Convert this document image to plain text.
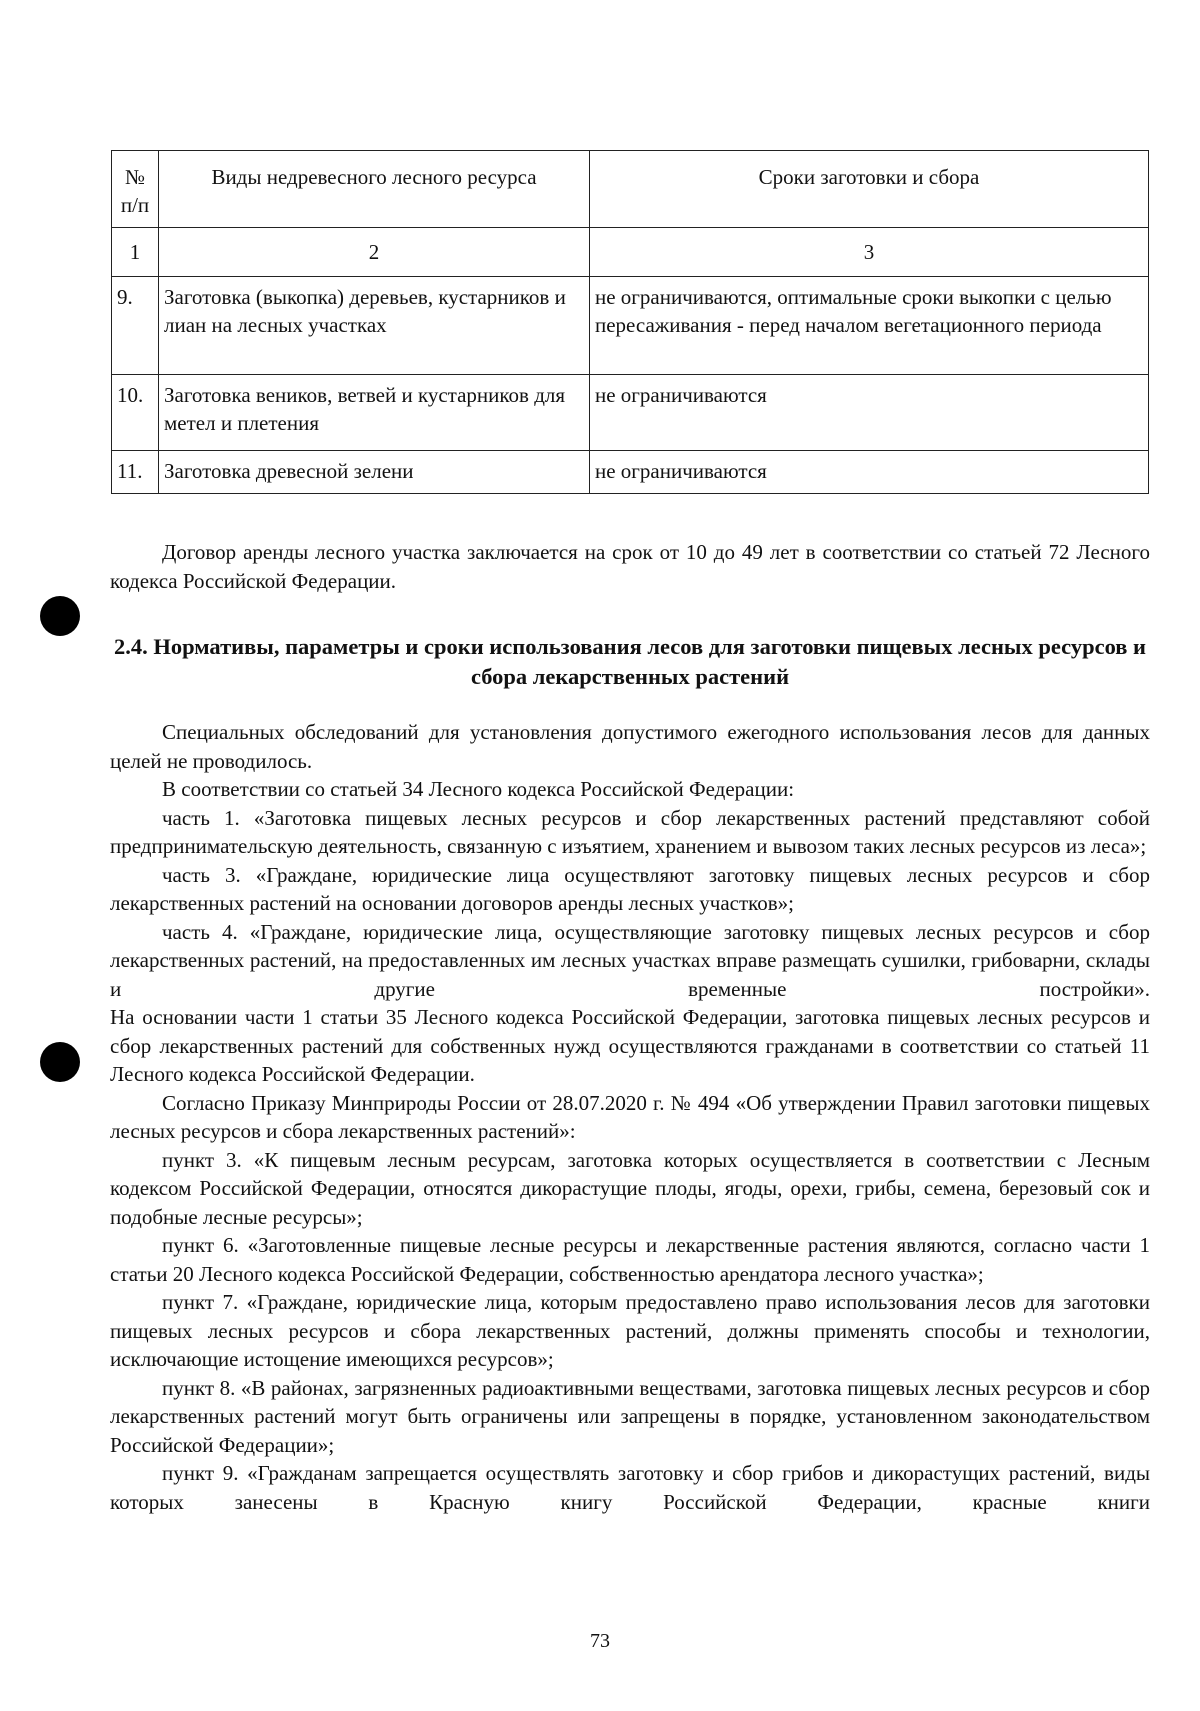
№ п/п	Виды недревесного лесного ресурса	Сроки заготовки и сбора
1	2	3
9.	Заготовка (выкопка) деревьев, кустарников и лиан на лесных участках	не ограничиваются, оптимальные сроки выкопки с целью пересаживания - перед началом вегетационного периода
10.	Заготовка веников, ветвей и кустарников для метел и плетения	не ограничиваются
11.	Заготовка древесной зелени	не ограничиваются

Договор аренды лесного участка заключается на срок от 10 до 49 лет в соответствии со статьей 72 Лесного кодекса Российской Федерации.

2.4. Нормативы, параметры и сроки использования лесов для заготовки пищевых лесных ресурсов и сбора лекарственных растений

Специальных обследований для установления допустимого ежегодного использования лесов для данных целей не проводилось.

В соответствии со статьей 34 Лесного кодекса Российской Федерации:

часть 1. «Заготовка пищевых лесных ресурсов и сбор лекарственных растений представляют собой предпринимательскую деятельность, связанную с изъятием, хранением и вывозом таких лесных ресурсов из леса»;

часть 3. «Граждане, юридические лица осуществляют заготовку пищевых лесных ресурсов и сбор лекарственных растений на основании договоров аренды лесных участков»;

часть 4. «Граждане, юридические лица, осуществляющие заготовку пищевых лесных ресурсов и сбор лекарственных растений, на предоставленных им лесных участках вправе размещать сушилки, грибоварни, склады и другие временные постройки».

На основании части 1 статьи 35 Лесного кодекса Российской Федерации, заготовка пищевых лесных ресурсов и сбор лекарственных растений для собственных нужд осуществляются гражданами в соответствии со статьей 11 Лесного кодекса Российской Федерации.

Согласно Приказу Минприроды России от 28.07.2020 г. № 494 «Об утверждении Правил заготовки пищевых лесных ресурсов и сбора лекарственных растений»:

пункт 3. «К пищевым лесным ресурсам, заготовка которых осуществляется в соответствии с Лесным кодексом Российской Федерации, относятся дикорастущие плоды, ягоды, орехи, грибы, семена, березовый сок и подобные лесные ресурсы»;

пункт 6. «Заготовленные пищевые лесные ресурсы и лекарственные растения являются, согласно части 1 статьи 20 Лесного кодекса Российской Федерации, собственностью арендатора лесного участка»;

пункт 7. «Граждане, юридические лица, которым предоставлено право использования лесов для заготовки пищевых лесных ресурсов и сбора лекарственных растений, должны применять способы и технологии, исключающие истощение имеющихся ресурсов»;

пункт 8. «В районах, загрязненных радиоактивными веществами, заготовка пищевых лесных ресурсов и сбор лекарственных растений могут быть ограничены или запрещены в порядке, установленном законодательством Российской Федерации»;

пункт 9. «Гражданам запрещается осуществлять заготовку и сбор грибов и дикорастущих растений, виды которых занесены в Красную книгу Российской Федерации, красные книги

73
